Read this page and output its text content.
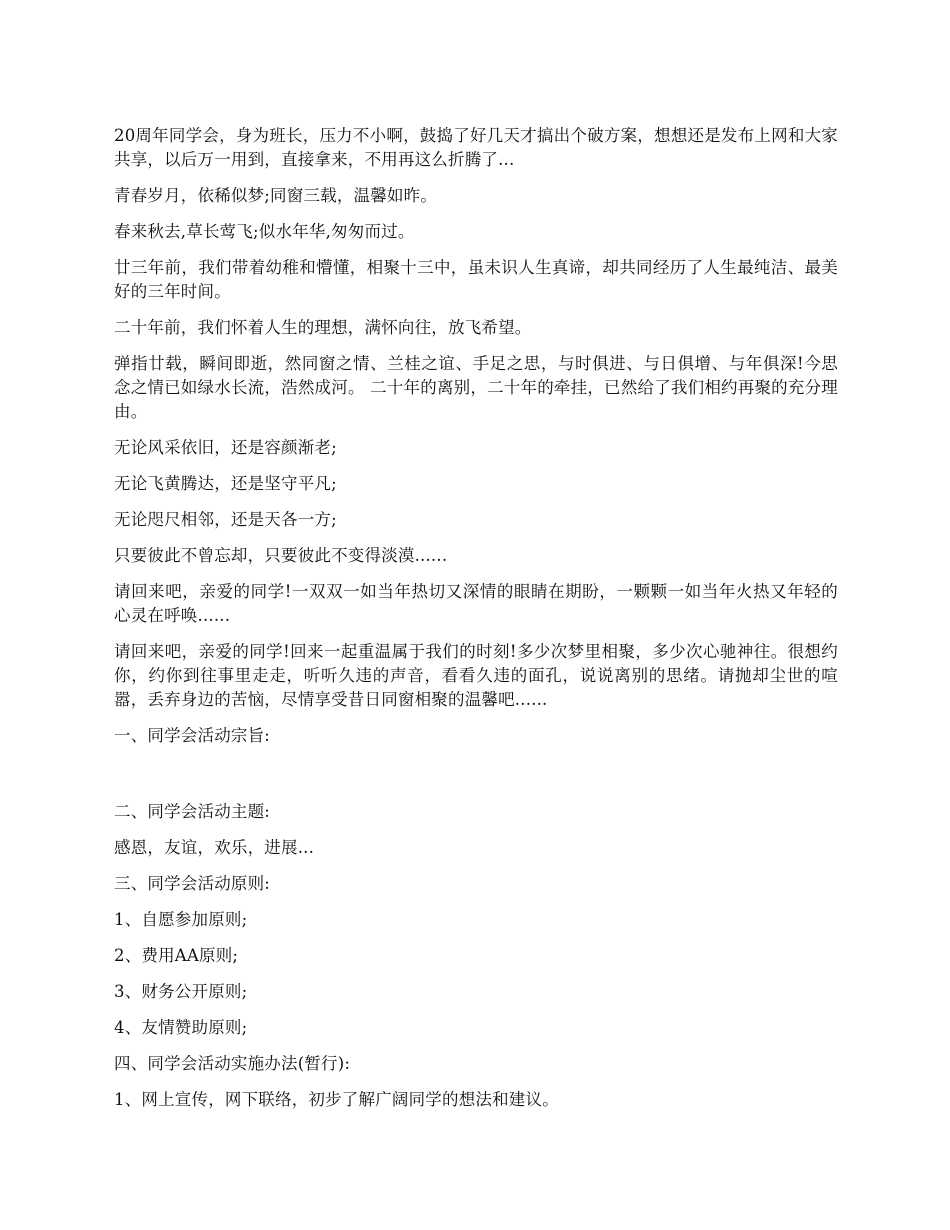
20周年同学会，身为班长，压力不小啊，鼓捣了好几天才搞出个破方案，想想还是发布上网和大家共享，以后万一用到，直接拿来，不用再这么折腾了...

青春岁月，依稀似梦;同窗三载，温馨如昨。

春来秋去,草长莺飞;似水年华,匆匆而过。

廿三年前，我们带着幼稚和懵懂，相聚十三中，虽未识人生真谛，却共同经历了人生最纯洁、最美好的三年时间。

二十年前，我们怀着人生的理想，满怀向往，放飞希望。

弹指廿载，瞬间即逝，然同窗之情、兰桂之谊、手足之思，与时俱进、与日俱增、与年俱深!今思念之情已如绿水长流，浩然成河。 二十年的离别，二十年的牵挂，已然给了我们相约再聚的充分理由。

无论风采依旧，还是容颜渐老;

无论飞黄腾达，还是坚守平凡;

无论咫尺相邻，还是天各一方;

只要彼此不曾忘却，只要彼此不变得淡漠......

请回来吧，亲爱的同学!一双双一如当年热切又深情的眼睛在期盼，一颗颗一如当年火热又年轻的心灵在呼唤......

请回来吧，亲爱的同学!回来一起重温属于我们的时刻!多少次梦里相聚，多少次心驰神往。很想约你，约你到往事里走走，听听久违的声音，看看久违的面孔，说说离别的思绪。请抛却尘世的喧嚣，丢弃身边的苦恼，尽情享受昔日同窗相聚的温馨吧......

一、同学会活动宗旨:

二、同学会活动主题:

感恩，友谊，欢乐，进展...

三、同学会活动原则:

1、自愿参加原则;

2、费用AA原则;

3、财务公开原则;

4、友情赞助原则;

四、同学会活动实施办法(暂行):

1、网上宣传，网下联络，初步了解广阔同学的想法和建议。
